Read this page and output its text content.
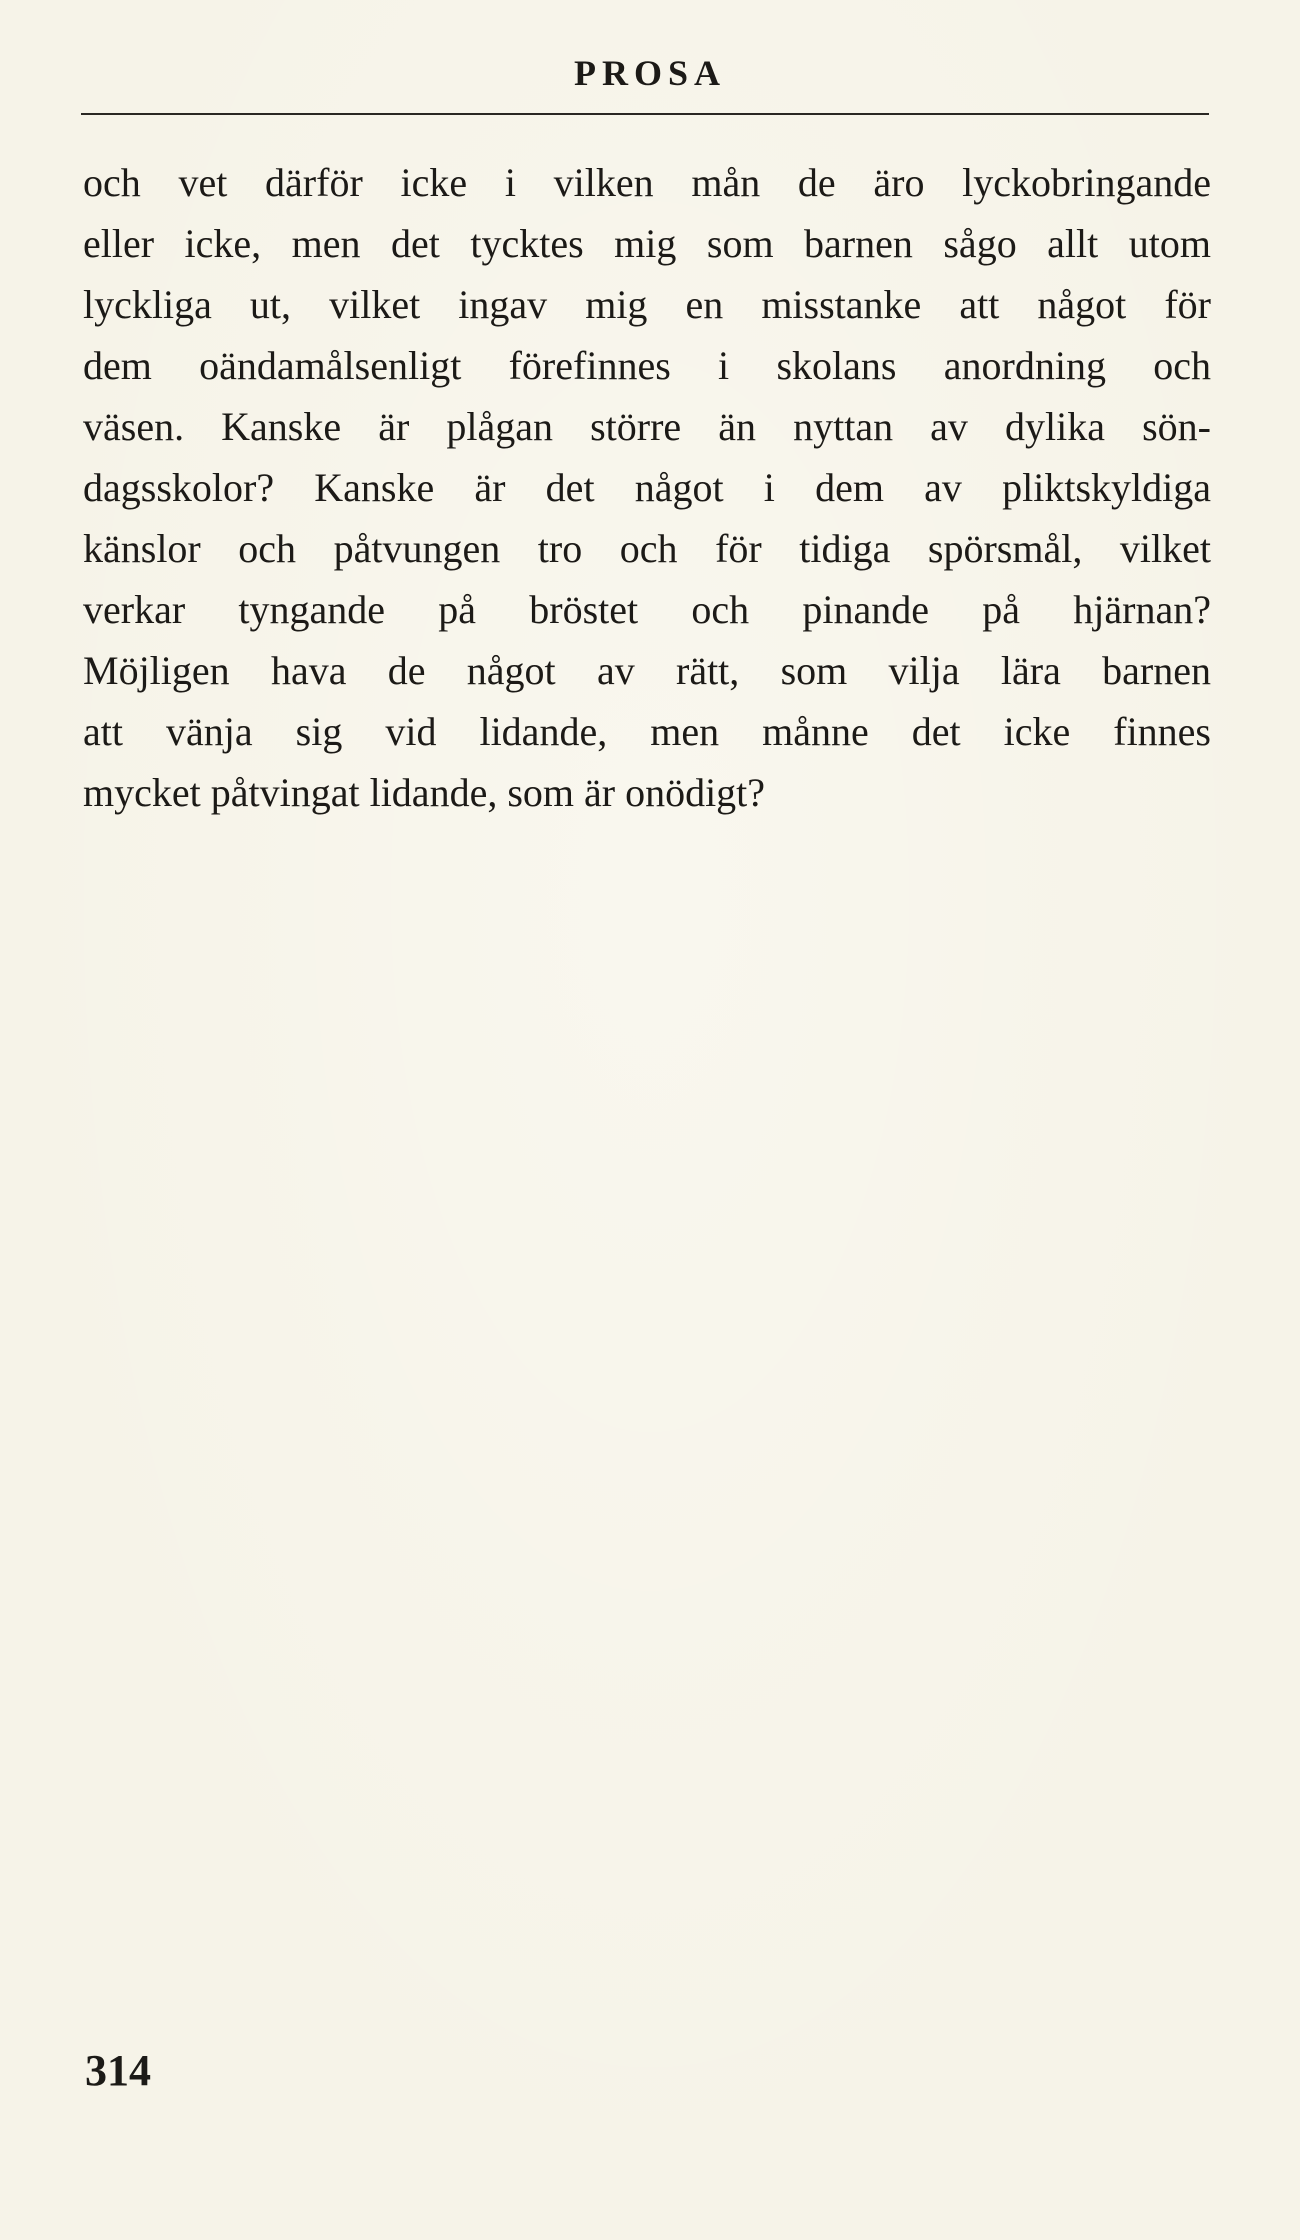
PROSA
och vet därför icke i vilken mån de äro lyckobringande
eller icke, men det tycktes mig som barnen sågo allt utom
lyckliga ut, vilket ingav mig en misstanke att något för
dem oändamålsenligt förefinnes i skolans anordning och
väsen. Kanske är plågan större än nyttan av dylika sön-
dagsskolor? Kanske är det något i dem av pliktskyldiga
känslor och påtvungen tro och för tidiga spörsmål, vilket
verkar tyngande på bröstet och pinande på hjärnan?
Möjligen hava de något av rätt, som vilja lära barnen
att vänja sig vid lidande, men månne det icke finnes
mycket påtvingat lidande, som är onödigt?
314
